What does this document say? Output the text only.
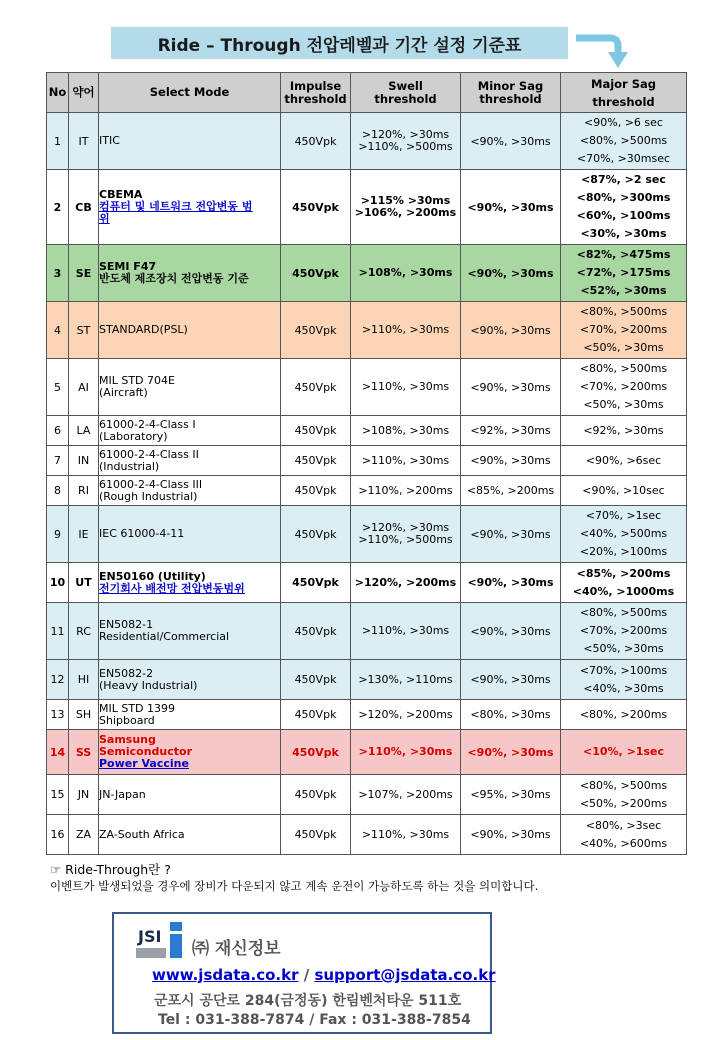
Ride – Through 전압레벨과 기간 설정 기준표
No	약어	Select Mode	Impulse
threshold	Swell
threshold	Minor Sag
threshold	Major Sag
threshold

1	IT	ITIC	450Vpk	>120%, >30ms
>110%, >500ms	<90%, >30ms	<90%, >6 sec
<80%, >500ms
<70%, >30msec

2	CB	CBEMA
컴퓨터 및 네트워크 전압변동 범
위	450Vpk	>115% >30ms
>106%, >200ms	<90%, >30ms	<87%, >2 sec
<80%, >300ms
<60%, >100ms
<30%, >30ms

3	SE	SEMI F47
반도체 제조장치 전압변동 기준	450Vpk	>108%, >30ms	<90%, >30ms	<82%, >475ms
<72%, >175ms
<52%, >30ms

4	ST	STANDARD(PSL)	450Vpk	>110%, >30ms	<90%, >30ms	<80%, >500ms
<70%, >200ms
<50%, >30ms

5	AI	MIL STD 704E
(Aircraft)	450Vpk	>110%, >30ms	<90%, >30ms	<80%, >500ms
<70%, >200ms
<50%, >30ms

6	LA	61000-2-4-Class I
(Laboratory)	450Vpk	>108%, >30ms	<92%, >30ms	<92%, >30ms

7	IN	61000-2-4-Class II
(Industrial)	450Vpk	>110%, >30ms	<90%, >30ms	<90%, >6sec

8	RI	61000-2-4-Class III
(Rough Industrial)	450Vpk	>110%, >200ms	<85%, >200ms	<90%, >10sec

9	IE	IEC 61000-4-11	450Vpk	>120%, >30ms
>110%, >500ms	<90%, >30ms	<70%, >1sec
<40%, >500ms
<20%, >100ms

10	UT	EN50160 (Utility)
전기회사 배전망 전압변동범위	450Vpk	>120%, >200ms	<90%, >30ms	<85%, >200ms
<40%, >1000ms

11	RC	EN5082-1
Residential/Commercial	450Vpk	>110%, >30ms	<90%, >30ms	<80%, >500ms
<70%, >200ms
<50%, >30ms

12	HI	EN5082-2
(Heavy Industrial)	450Vpk	>130%, >110ms	<90%, >30ms	<70%, >100ms
<40%, >30ms

13	SH	MIL STD 1399
Shipboard	450Vpk	>120%, >200ms	<80%, >30ms	<80%, >200ms

14	SS	Samsung
Semiconductor
Power Vaccine	450Vpk	>110%, >30ms	<90%, >30ms	<10%, >1sec

15	JN	JN-Japan	450Vpk	>107%, >200ms	<95%, >30ms	<80%, >500ms
<50%, >200ms

16	ZA	ZA-South Africa	450Vpk	>110%, >30ms	<90%, >30ms	<80%, >3sec
<40%, >600ms
☞ Ride-Through란 ?
이벤트가 발생되었을 경우에 장비가 다운되지 않고 계속 운전이 가능하도록 하는 것을 의미합니다.
JSI
㈜ 재신정보
www.jsdata.co.kr / support@jsdata.co.kr
군포시 공단로 284(금정동) 한림벤처타운 511호
Tel : 031-388-7874 / Fax : 031-388-7854
